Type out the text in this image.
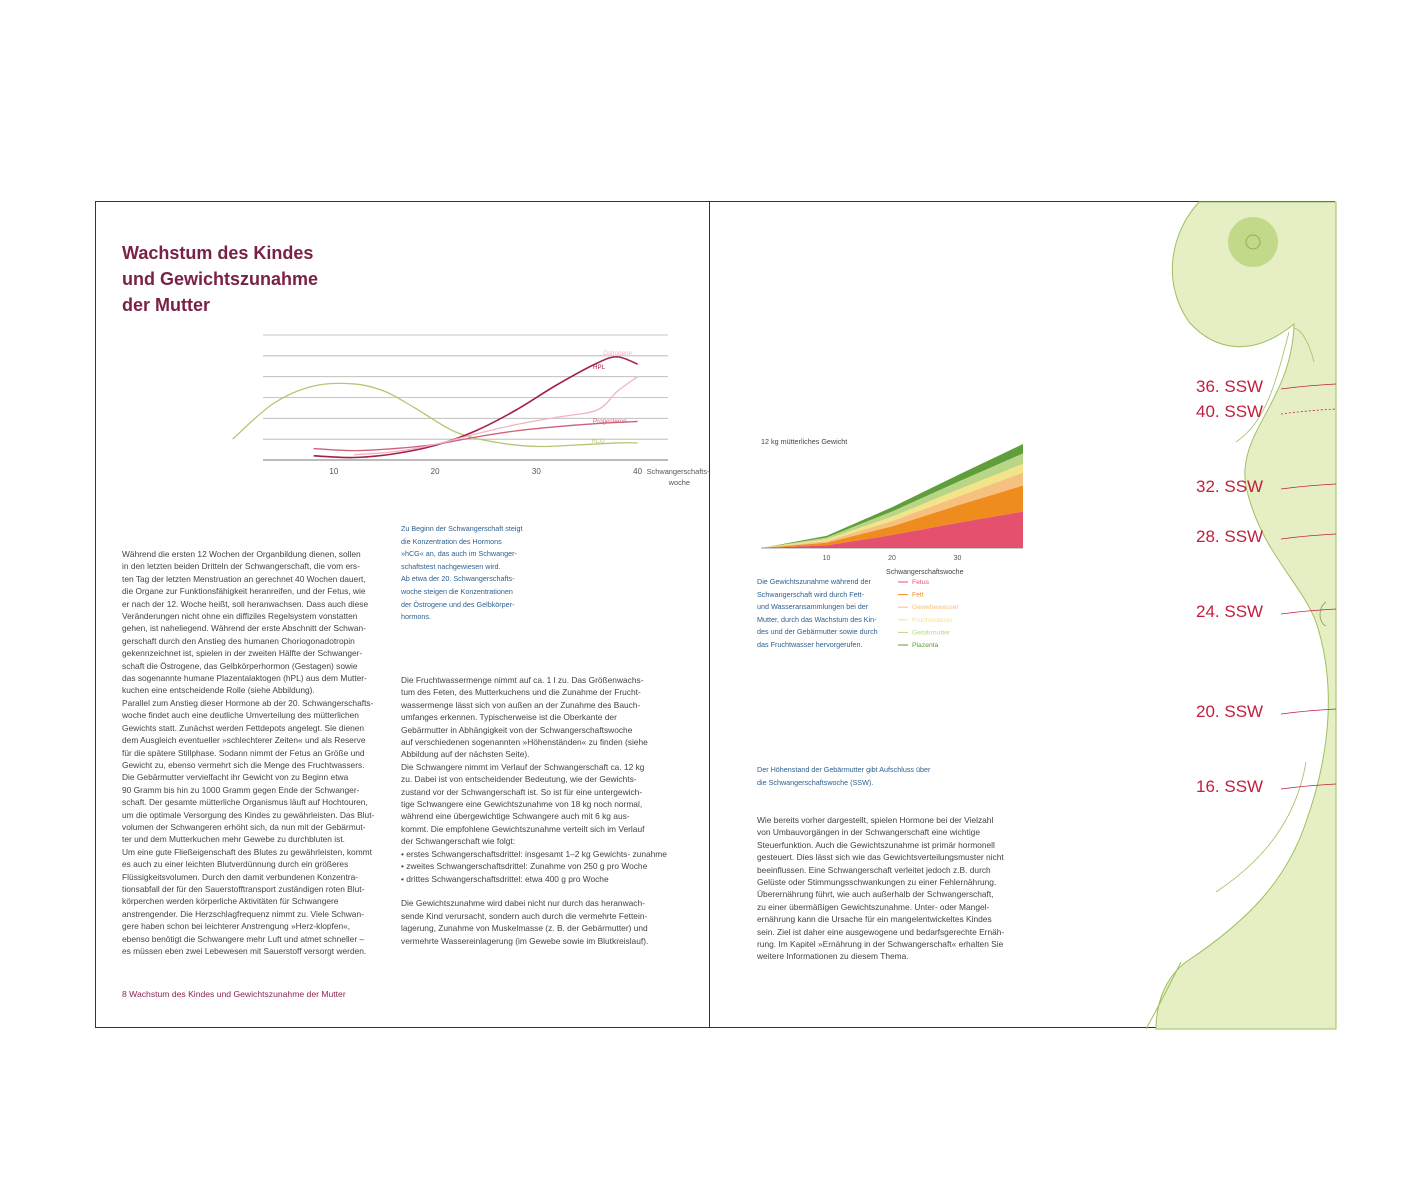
Wachstum des Kindes
und Gewichtszunahme
der Mutter
10	20	30	40 Schwangerschafts-woche
hCG
HPL
Progesteron
Östrogene

Zu Beginn der Schwangerschaft steigt

die Konzentration des Hormons

»hCG« an, das auch im Schwanger-

schaftstest nachgewiesen wird.

Ab etwa der 20. Schwangerschafts-

woche steigen die Konzentrationen

der Östrogene und des Gelbkörper-

hormons.

Während die ersten 12 Wochen der Organbildung dienen, sollen

in den letzten beiden Dritteln der Schwangerschaft, die vom ers-

ten Tag der letzten Menstruation an gerechnet 40 Wochen dauert,

die Organe zur Funktionsfähigkeit heranreifen, und der Fetus, wie

er nach der 12. Woche heißt, soll heranwachsen. Dass auch diese

Veränderungen nicht ohne ein diffiziles Regelsystem vonstatten

gehen, ist naheliegend. Während der erste Abschnitt der Schwan-

gerschaft durch den Anstieg des humanen Choriogonadotropin

gekennzeichnet ist, spielen in der zweiten Hälfte der Schwanger-

schaft die Östrogene, das Gelbkörperhormon (Gestagen) sowie

das sogenannte humane Plazentalaktogen (hPL) aus dem Mutter-

kuchen eine entscheidende Rolle (siehe Abbildung).

Parallel zum Anstieg dieser Hormone ab der 20. Schwangerschafts-

woche findet auch eine deutliche Umverteilung des mütterlichen

Gewichts statt. Zunächst werden Fettdepots angelegt. Sie dienen

dem Ausgleich eventueller »schlechterer Zeiten« und als Reserve

für die spätere Stillphase. Sodann nimmt der Fetus an Größe und

Gewicht zu, ebenso vermehrt sich die Menge des Fruchtwassers.

Die Gebärmutter vervielfacht ihr Gewicht von zu Beginn etwa

90 Gramm bis hin zu 1000 Gramm gegen Ende der Schwanger-

schaft. Der gesamte mütterliche Organismus läuft auf Hochtouren,

um die optimale Versorgung des Kindes zu gewährleisten. Das Blut-

volumen der Schwangeren erhöht sich, da nun mit der Gebärmut-

ter und dem Mutterkuchen mehr Gewebe zu durchbluten ist.

Um eine gute Fließeigenschaft des Blutes zu gewährleisten, kommt

es auch zu einer leichten Blutverdünnung durch ein größeres

Flüssigkeitsvolumen. Durch den damit verbundenen Konzentra-

tionsabfall der für den Sauerstofftransport zuständigen roten Blut-

körperchen werden körperliche Aktivitäten für Schwangere

anstrengender. Die Herzschlagfrequenz nimmt zu. Viele Schwan-

gere haben schon bei leichterer Anstrengung »Herz-klopfen«,

ebenso benötigt die Schwangere mehr Luft und atmet schneller –

es müssen eben zwei Lebewesen mit Sauerstoff versorgt werden.

Die Fruchtwassermenge nimmt auf ca. 1 l zu. Das Größenwachs-

tum des Feten, des Mutterkuchens und die Zunahme der Frucht-

wassermenge lässt sich von außen an der Zunahme des Bauch-

umfanges erkennen. Typischerweise ist die Oberkante der

Gebärmutter in Abhängigkeit von der Schwangerschaftswoche

auf verschiedenen sogenannten »Höhenständen« zu finden (siehe

Abbildung auf der nächsten Seite).

Die Schwangere nimmt im Verlauf der Schwangerschaft ca. 12 kg

zu. Dabei ist von entscheidender Bedeutung, wie der Gewichts-

zustand vor der Schwangerschaft ist. So ist für eine untergewich-

tige Schwangere eine Gewichtszunahme von 18 kg noch normal,

während eine übergewichtige Schwangere auch mit 6 kg aus-

kommt. Die empfohlene Gewichtszunahme verteilt sich im Verlauf

der Schwangerschaft wie folgt:

• erstes Schwangerschaftsdrittel: insgesamt 1–2 kg Gewichts- zunahme
• zweites Schwangerschaftsdrittel: Zunahme von 250 g pro Woche
• drittes Schwangerschaftsdrittel: etwa 400 g pro Woche

Die Gewichtszunahme wird dabei nicht nur durch das heranwach-

sende Kind verursacht, sondern auch durch die vermehrte Fettein-

lagerung, Zunahme von Muskelmasse (z. B. der Gebärmutter) und

vermehrte Wassereinlagerung (im Gewebe sowie im Blutkreislauf).

8 Wachstum des Kindes und Gewichtszunahme der Mutter
12 kg mütterliches Gewicht
10	20	30
Schwangerschaftswoche

Die Gewichtszunahme während der

Schwangerschaft wird durch Fett-

und Wasseransammlungen bei der

Mutter, durch das Wachstum des Kin-

des und der Gebärmutter sowie durch

das Fruchtwasser hervorgerufen.

Fetus
Fett
Gewebewasser
Fruchtwasser
Gebärmutter
Plazenta

Der Höhenstand der Gebärmutter gibt Aufschluss über

die Schwangerschaftswoche (SSW).

Wie bereits vorher dargestellt, spielen Hormone bei der Vielzahl

von Umbauvorgängen in der Schwangerschaft eine wichtige

Steuerfunktion. Auch die Gewichtszunahme ist primär hormonell

gesteuert. Dies lässt sich wie das Gewichtsverteilungsmuster nicht

beeinflussen. Eine Schwangerschaft verleitet jedoch z.B. durch

Gelüste oder Stimmungsschwankungen zu einer Fehlernährung.

Überernährung führt, wie auch außerhalb der Schwangerschaft,

zu einer übermäßigen Gewichtszunahme. Unter- oder Mangel-

ernährung kann die Ursache für ein mangelentwickeltes Kindes

sein. Ziel ist daher eine ausgewogene und bedarfsgerechte Ernäh-

rung. Im Kapitel »Ernährung in der Schwangerschaft« erhalten Sie

weitere Informationen zu diesem Thema.

36. SSW
40. SSW
32. SSW
28. SSW
24. SSW
20. SSW
16. SSW
